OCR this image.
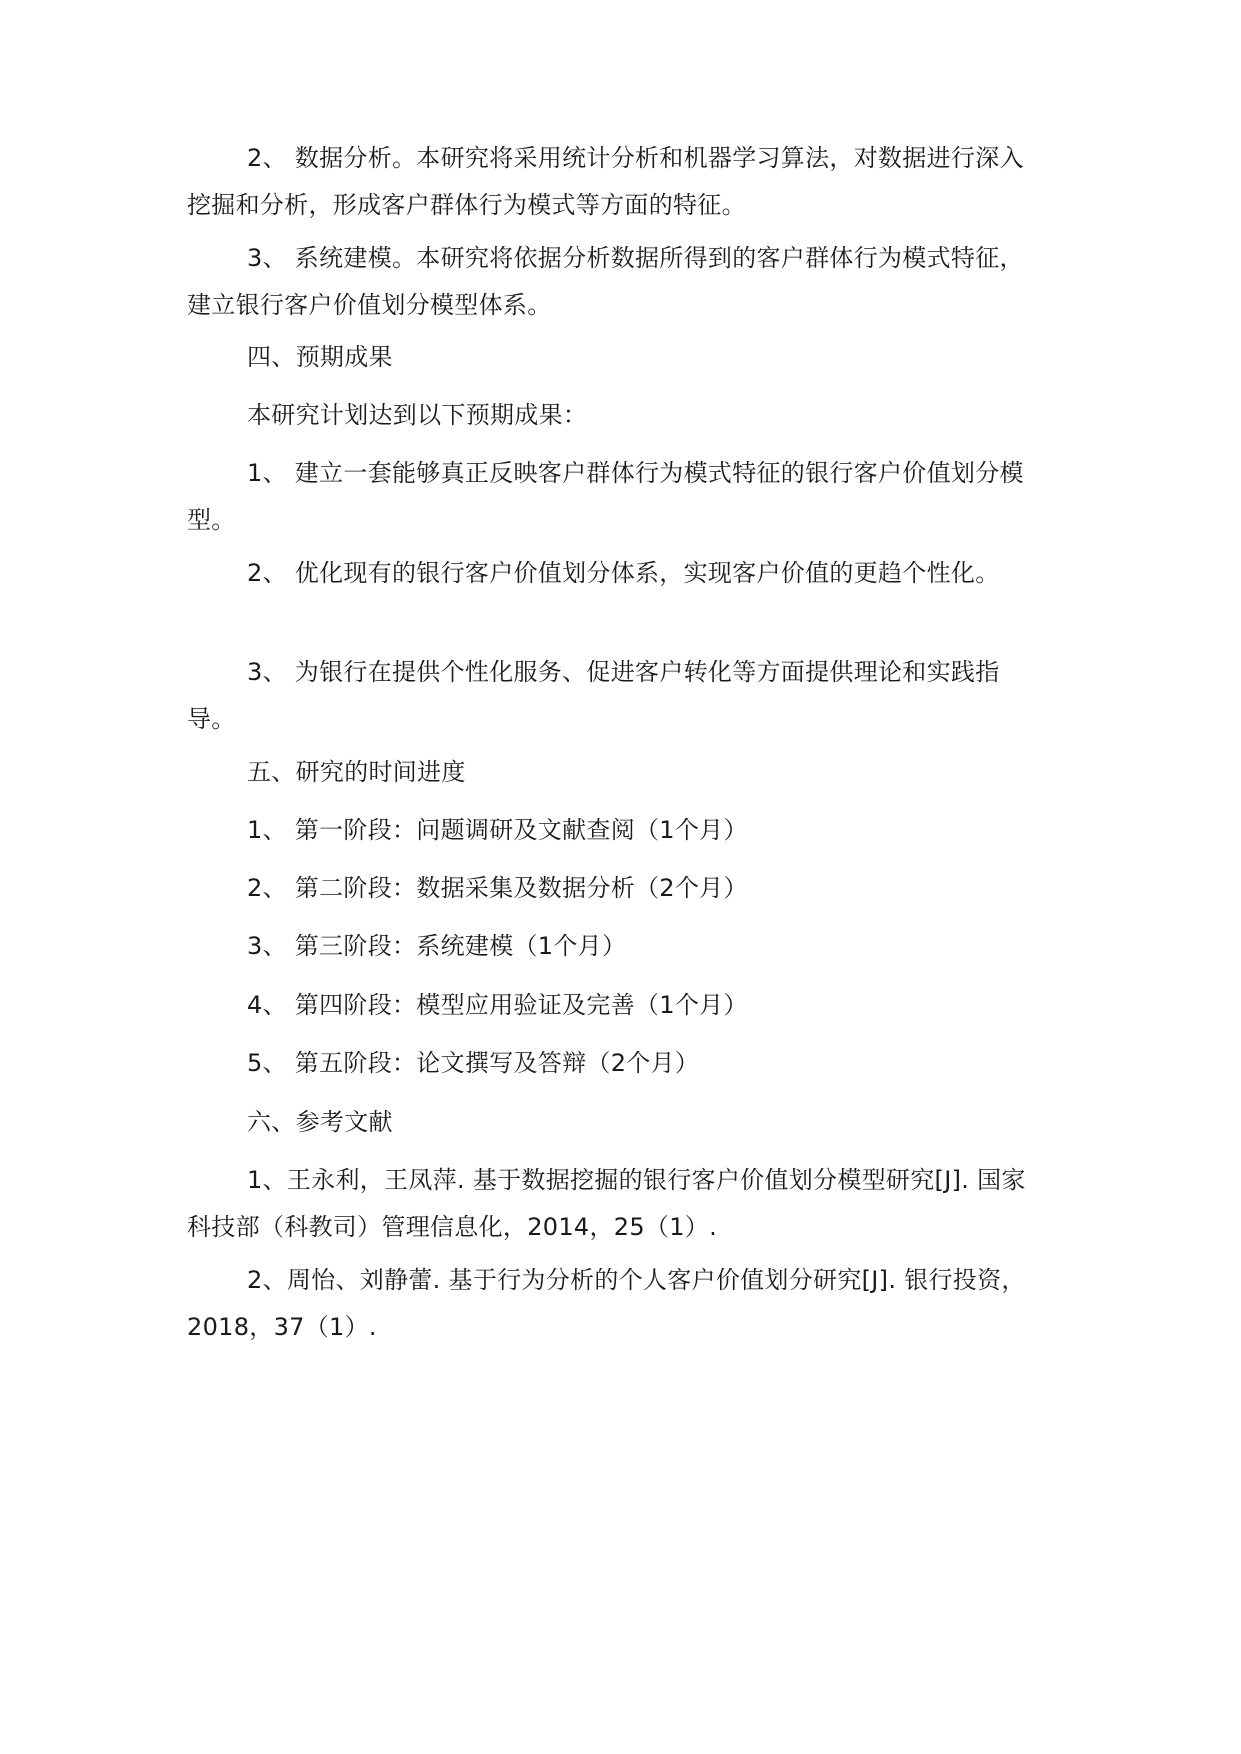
2、 数据分析。本研究将采用统计分析和机器学习算法，对数据进行深入挖掘和分析，形成客户群体行为模式等方面的特征。

3、 系统建模。本研究将依据分析数据所得到的客户群体行为模式特征，建立银行客户价值划分模型体系。

四、预期成果

本研究计划达到以下预期成果：

1、 建立一套能够真正反映客户群体行为模式特征的银行客户价值划分模型。

2、 优化现有的银行客户价值划分体系，实现客户价值的更趋个性化。

3、 为银行在提供个性化服务、促进客户转化等方面提供理论和实践指导。

五、研究的时间进度

1、 第一阶段：问题调研及文献查阅（1个月）

2、 第二阶段：数据采集及数据分析（2个月）

3、 第三阶段：系统建模（1个月）

4、 第四阶段：模型应用验证及完善（1个月）

5、 第五阶段：论文撰写及答辩（2个月）

六、参考文献

1、王永利，王凤萍. 基于数据挖掘的银行客户价值划分模型研究[J]. 国家科技部（科教司）管理信息化，2014，25（1）.

2、周怡、刘静蕾. 基于行为分析的个人客户价值划分研究[J]. 银行投资，2018，37（1）.
